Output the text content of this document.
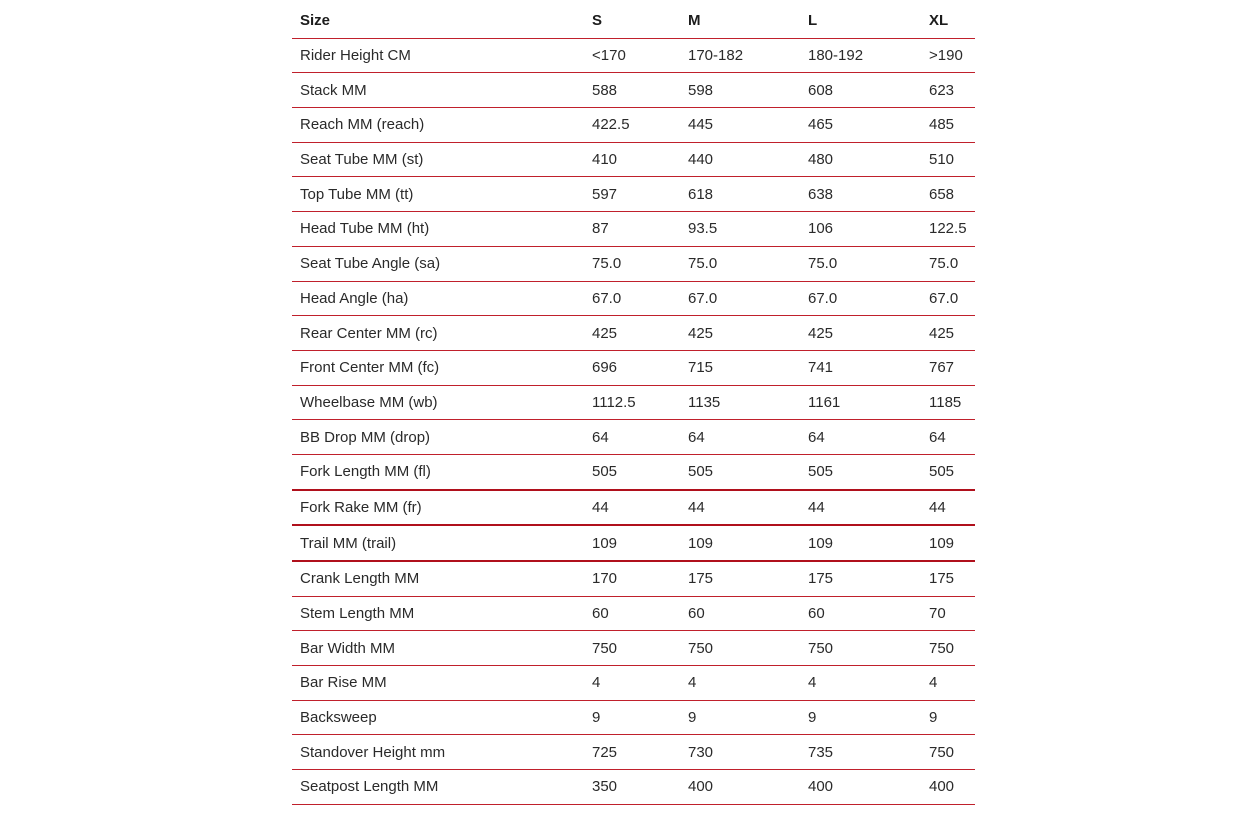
Size	S	M	L	XL
Rider Height CM	<170	170-182	180-192	>190
Stack MM	588	598	608	623
Reach MM (reach)	422.5	445	465	485
Seat Tube MM (st)	410	440	480	510
Top Tube MM (tt)	597	618	638	658
Head Tube MM (ht)	87	93.5	106	122.5
Seat Tube Angle (sa)	75.0	75.0	75.0	75.0
Head Angle (ha)	67.0	67.0	67.0	67.0
Rear Center MM (rc)	425	425	425	425
Front Center MM (fc)	696	715	741	767
Wheelbase MM (wb)	1112.5	1135	1161	1185
BB Drop MM (drop)	64	64	64	64
Fork Length MM (fl)	505	505	505	505
Fork Rake MM (fr)	44	44	44	44
Trail MM (trail)	109	109	109	109
Crank Length MM	170	175	175	175
Stem Length MM	60	60	60	70
Bar Width MM	750	750	750	750
Bar Rise MM	4	4	4	4
Backsweep	9	9	9	9
Standover Height mm	725	730	735	750
Seatpost Length MM	350	400	400	400
